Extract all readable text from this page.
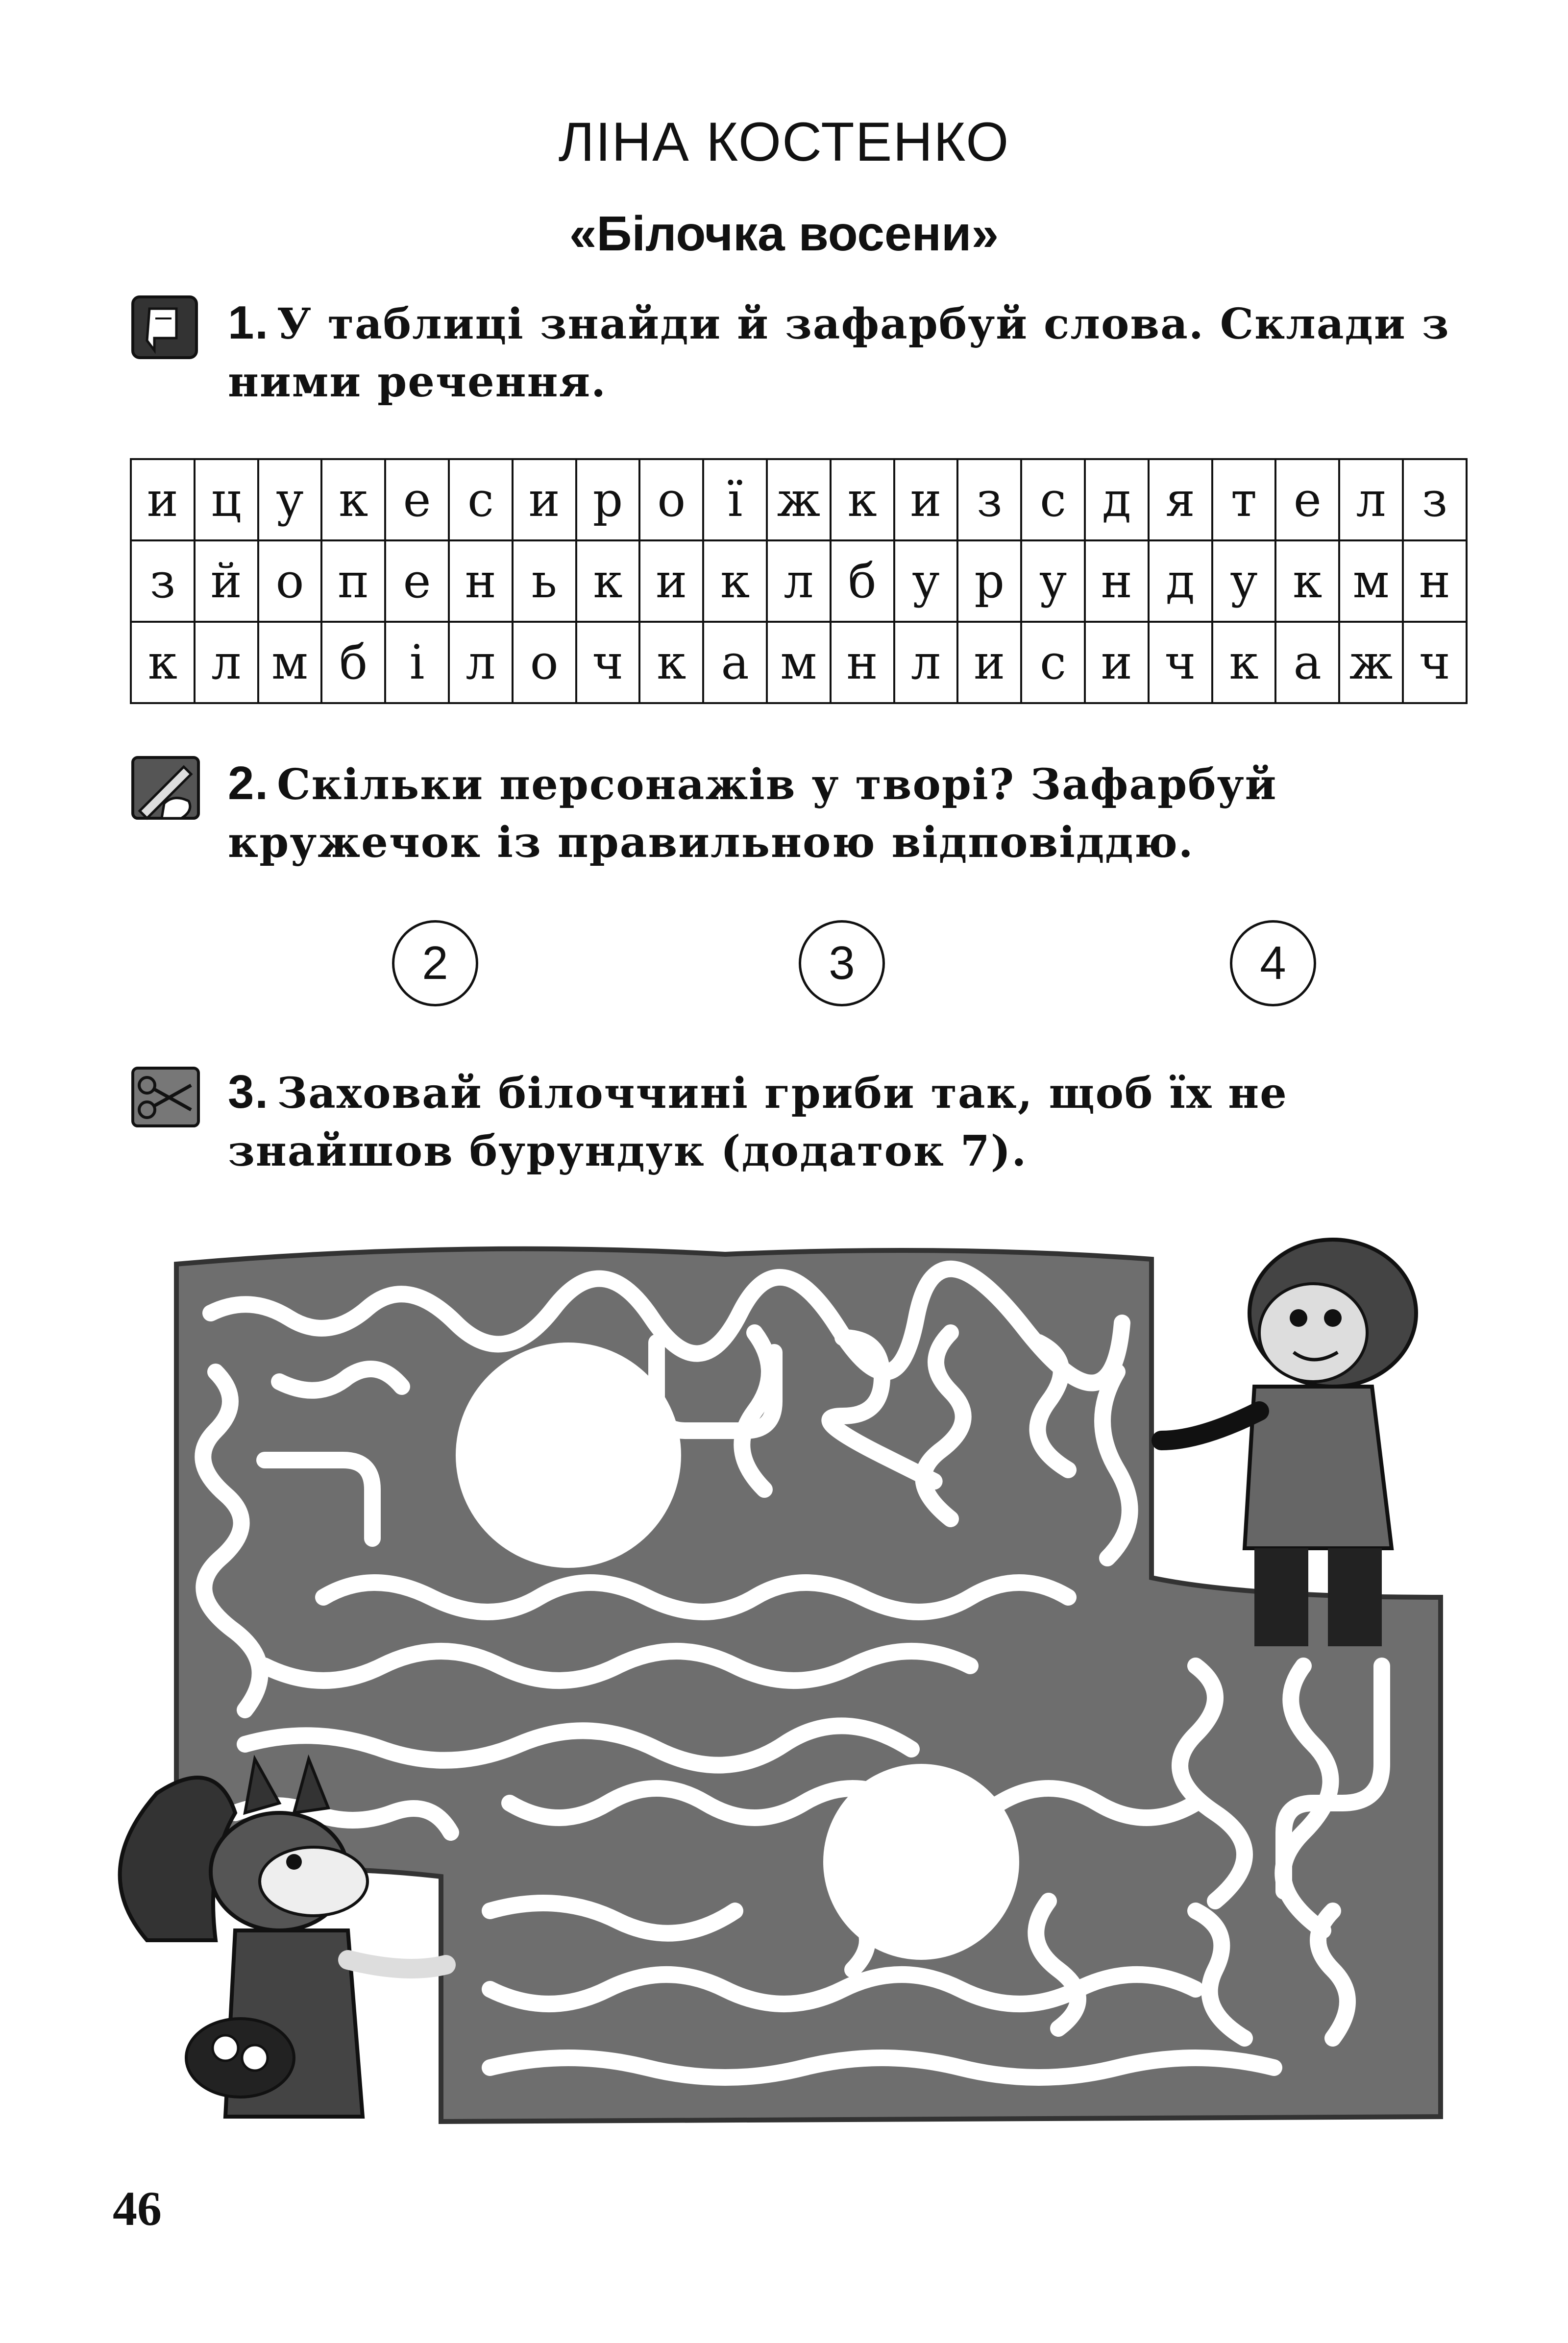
ЛІНА КОСТЕНКО
«Білочка восени»
1. У таблиці знайди й зафарбуй слова. Склади з ними речення.
и	ц	у	к	е	с	и	р	о	ї	ж	к	и	з	с	д	я	т	е	л	з
з	й	о	п	е	н	ь	к	и	к	л	б	у	р	у	н	д	у	к	м	н
к	л	м	б	і	л	о	ч	к	а	м	н	л	и	с	и	ч	к	а	ж	ч
2. Скільки персонажів у творі? Зафарбуй кружечок із правильною відповіддю.
2	3	4
3. Заховай білоччині гриби так, щоб їх не знайшов бурундук (додаток 7).
46
